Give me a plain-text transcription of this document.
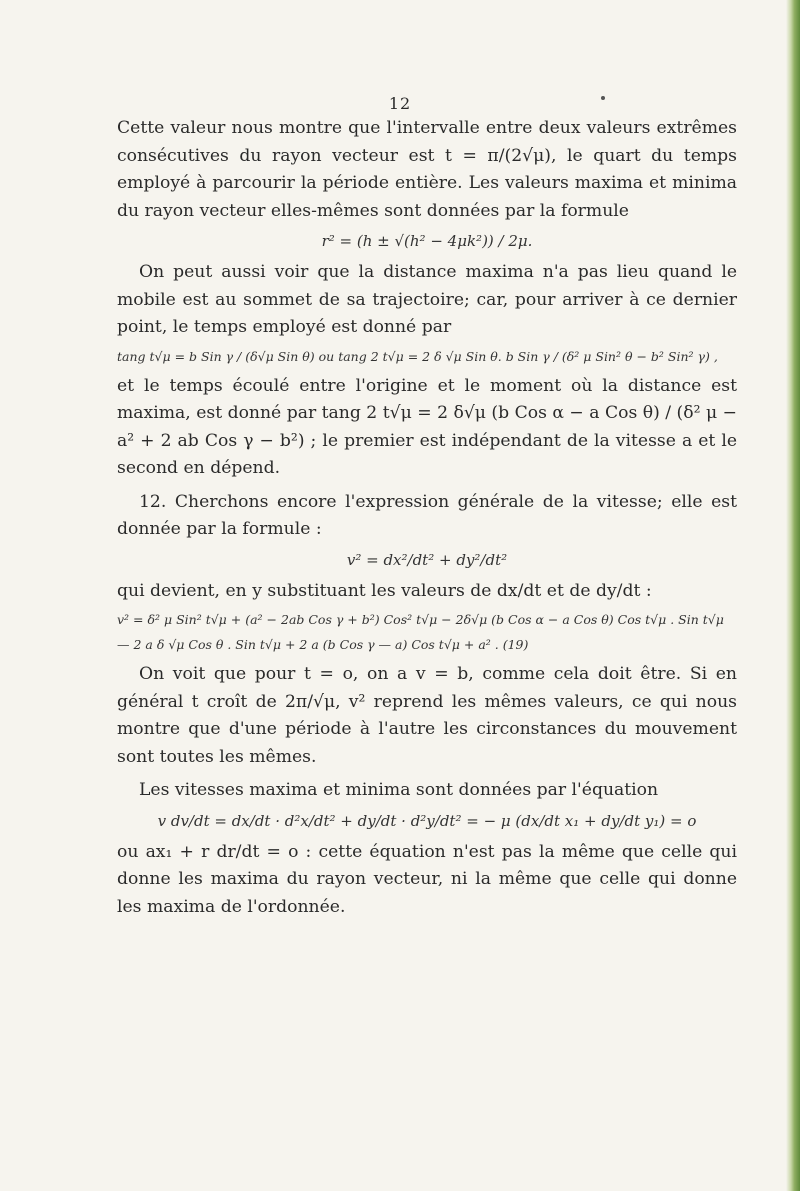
12

Cette valeur nous montre que l'intervalle entre deux valeurs extrêmes consécutives du rayon vecteur est t = π/(2√μ), le quart du temps employé à parcourir la période entière. Les valeurs maxima et minima du rayon vecteur elles-mêmes sont données par la formule

r² = (h ± √(h² − 4μk²)) / 2μ.

On peut aussi voir que la distance maxima n'a pas lieu quand le mobile est au sommet de sa trajectoire; car, pour arriver à ce dernier point, le temps employé est donné par

tang t√μ = b Sin γ / (δ√μ Sin θ) ou tang 2 t√μ = 2 δ √μ Sin θ. b Sin γ / (δ² μ Sin² θ − b² Sin² γ) ,

et le temps écoulé entre l'origine et le moment où la distance est maxima, est donné par tang 2 t√μ = 2 δ√μ (b Cos α − a Cos θ) / (δ² μ − a² + 2 ab Cos γ − b²) ; le premier est indépendant de la vitesse a et le second en dépend.

12. Cherchons encore l'expression générale de la vitesse; elle est donnée par la formule :

v² = dx²/dt² + dy²/dt²

qui devient, en y substituant les valeurs de dx/dt et de dy/dt :

v² = δ² μ Sin² t√μ + (a² − 2ab Cos γ + b²) Cos² t√μ − 2δ√μ (b Cos α − a Cos θ) Cos t√μ . Sin t√μ
— 2 a δ √μ Cos θ . Sin t√μ + 2 a (b Cos γ — a) Cos t√μ + a² . (19)

On voit que pour t = o, on a v = b, comme cela doit être. Si en général t croît de 2π/√μ, v² reprend les mêmes valeurs, ce qui nous montre que d'une période à l'autre les circonstances du mouvement sont toutes les mêmes.

Les vitesses maxima et minima sont données par l'équation

v dv/dt = dx/dt · d²x/dt² + dy/dt · d²y/dt² = − μ (dx/dt x₁ + dy/dt y₁) = o

ou ax₁ + r dr/dt = o : cette équation n'est pas la même que celle qui donne les maxima du rayon vecteur, ni la même que celle qui donne les maxima de l'ordonnée.
